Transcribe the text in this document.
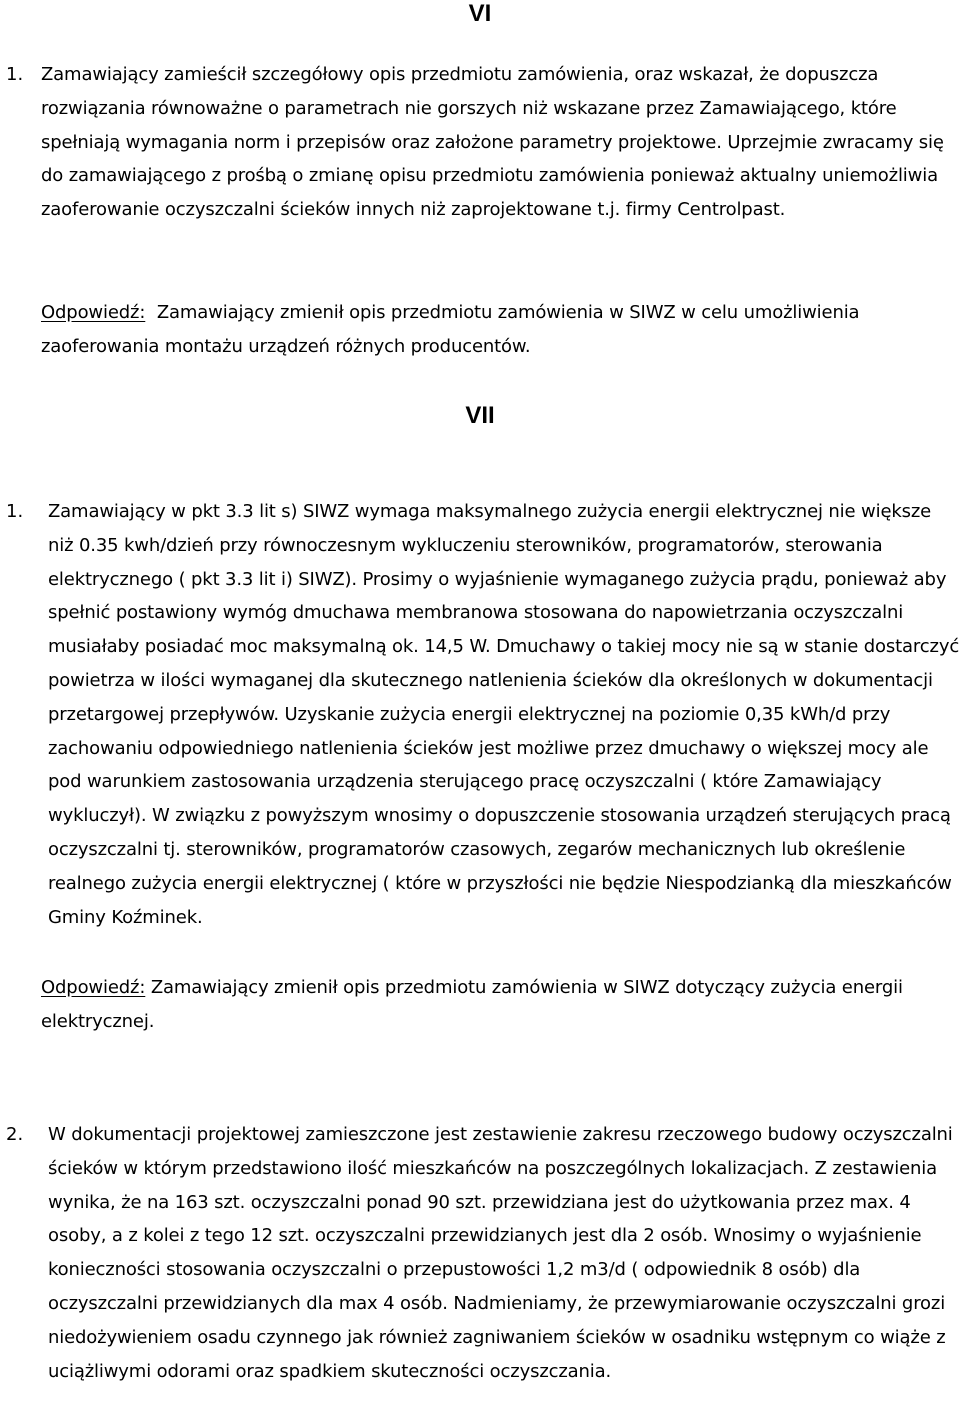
VI
1. Zamawiający zamieścił szczegółowy opis przedmiotu zamówienia, oraz wskazał, że dopuszcza rozwiązania równoważne o parametrach nie gorszych niż wskazane przez Zamawiającego, które spełniają wymagania norm i przepisów oraz założone parametry projektowe. Uprzejmie zwracamy się do zamawiającego z prośbą o zmianę opisu przedmiotu zamówienia ponieważ aktualny uniemożliwia zaoferowanie oczyszczalni ścieków innych niż zaprojektowane t.j. firmy Centrolpast.
Odpowiedź: Zamawiający zmienił opis przedmiotu zamówienia w SIWZ w celu umożliwienia zaoferowania montażu urządzeń różnych producentów.
VII
1. Zamawiający w pkt 3.3 lit s) SIWZ wymaga maksymalnego zużycia energii elektrycznej nie większe niż 0.35 kwh/dzień przy równoczesnym wykluczeniu sterowników, programatorów, sterowania elektrycznego ( pkt 3.3 lit i) SIWZ). Prosimy o wyjaśnienie wymaganego zużycia prądu, ponieważ aby spełnić postawiony wymóg dmuchawa membranowa stosowana do napowietrzania oczyszczalni musiałaby posiadać moc maksymalną ok. 14,5 W. Dmuchawy o takiej mocy nie są w stanie dostarczyć powietrza w ilości wymaganej dla skutecznego natlenienia ścieków dla określonych w dokumentacji przetargowej przepływów. Uzyskanie zużycia energii elektrycznej na poziomie 0,35 kWh/d przy zachowaniu odpowiedniego natlenienia ścieków jest możliwe przez dmuchawy o większej mocy ale pod warunkiem zastosowania urządzenia sterującego pracę oczyszczalni ( które Zamawiający wykluczył). W związku z powyższym wnosimy o dopuszczenie stosowania urządzeń sterujących pracą oczyszczalni tj. sterowników, programatorów czasowych, zegarów mechanicznych lub określenie realnego zużycia energii elektrycznej ( które w przyszłości nie będzie Niespodzianką dla mieszkańców Gminy Koźminek.
Odpowiedź: Zamawiający zmienił opis przedmiotu zamówienia w SIWZ dotyczący zużycia energii elektrycznej.
2. W dokumentacji projektowej zamieszczone jest zestawienie zakresu rzeczowego budowy oczyszczalni ścieków w którym przedstawiono ilość mieszkańców na poszczególnych lokalizacjach. Z zestawienia wynika, że na 163 szt. oczyszczalni ponad 90 szt. przewidziana jest do użytkowania przez max. 4 osoby, a z kolei z tego 12 szt. oczyszczalni przewidzianych jest dla 2 osób. Wnosimy o wyjaśnienie konieczności stosowania oczyszczalni o przepustowości 1,2 m3/d ( odpowiednik 8 osób) dla oczyszczalni przewidzianych dla max 4 osób. Nadmieniamy, że przewymiarowanie oczyszczalni grozi niedożywieniem osadu czynnego jak również zagniwaniem ścieków w osadniku wstępnym co wiąże z uciążliwymi odorami oraz spadkiem skuteczności oczyszczania.
